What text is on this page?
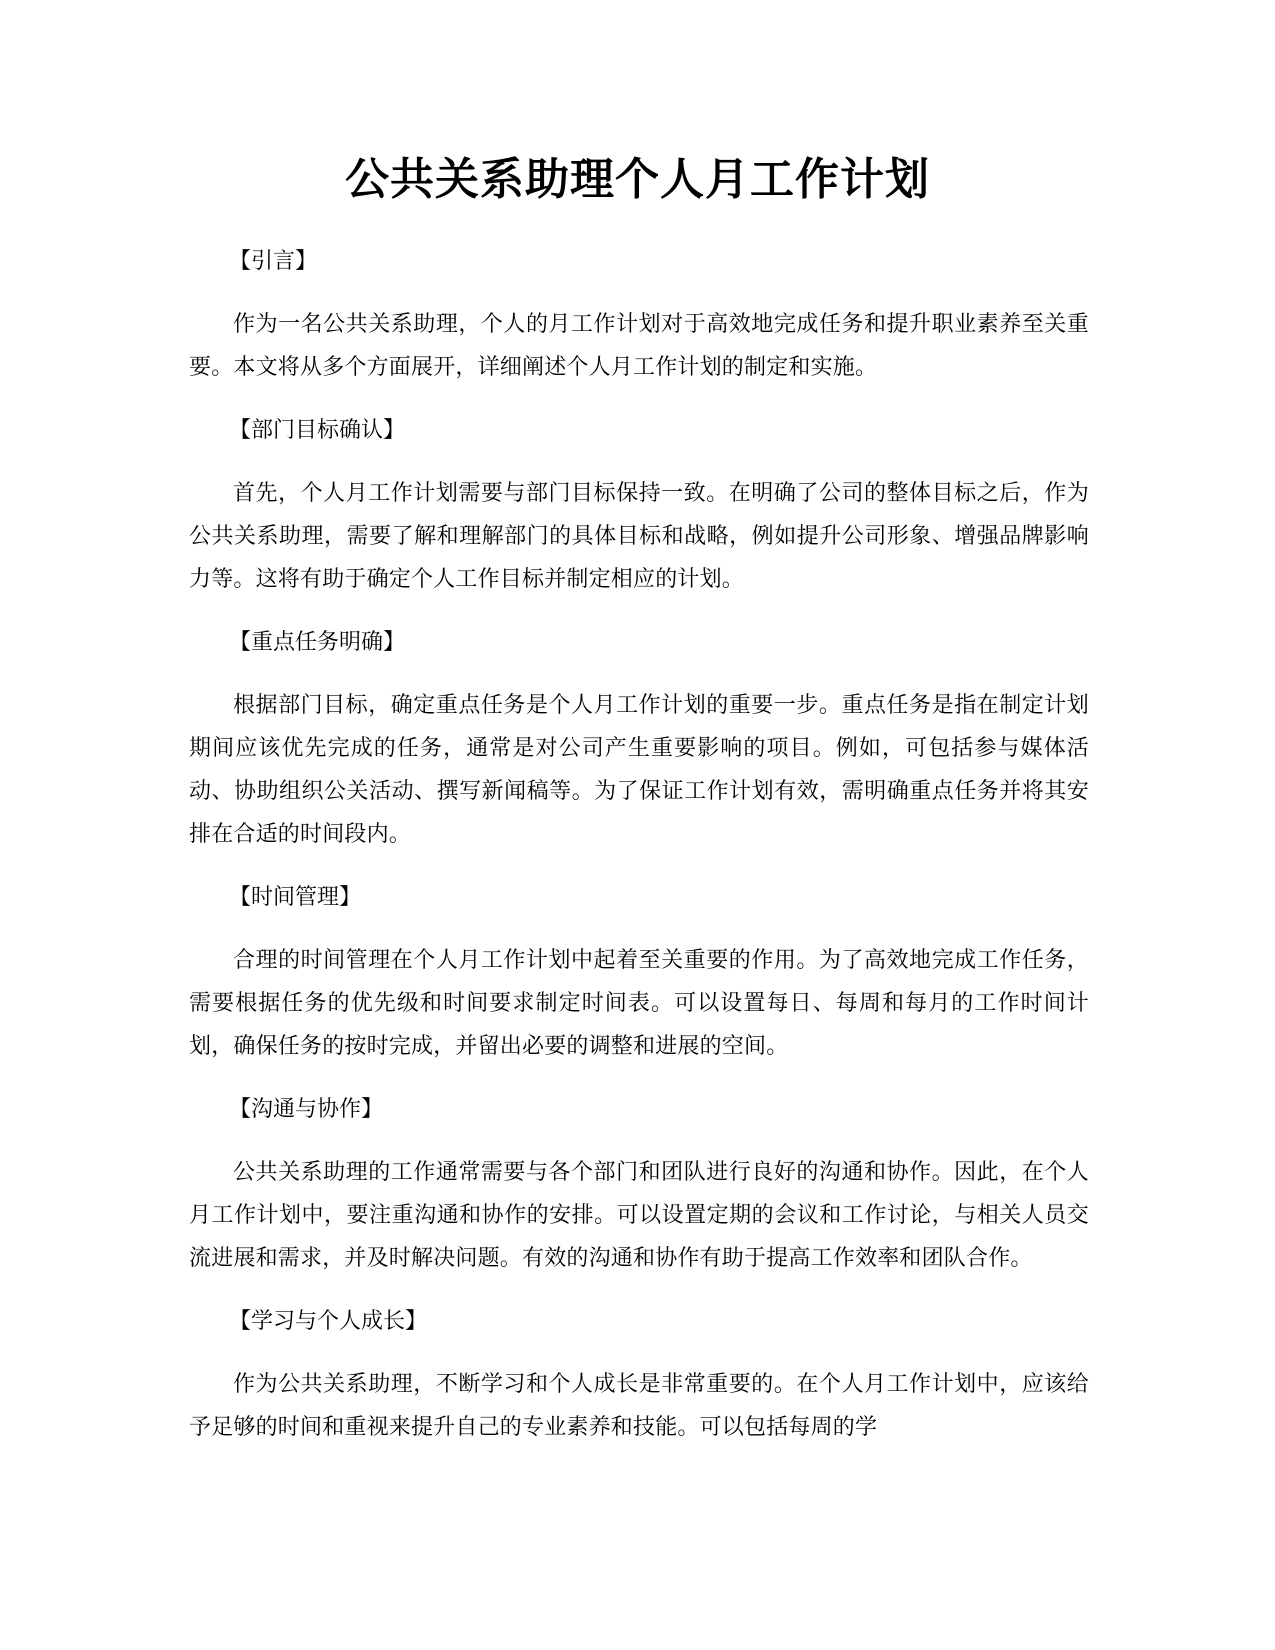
公共关系助理个人月工作计划

【引言】

作为一名公共关系助理，个人的月工作计划对于高效地完成任务和提升职业素养至关重要。本文将从多个方面展开，详细阐述个人月工作计划的制定和实施。

【部门目标确认】

首先，个人月工作计划需要与部门目标保持一致。在明确了公司的整体目标之后，作为公共关系助理，需要了解和理解部门的具体目标和战略，例如提升公司形象、增强品牌影响力等。这将有助于确定个人工作目标并制定相应的计划。

【重点任务明确】

根据部门目标，确定重点任务是个人月工作计划的重要一步。重点任务是指在制定计划期间应该优先完成的任务，通常是对公司产生重要影响的项目。例如，可包括参与媒体活动、协助组织公关活动、撰写新闻稿等。为了保证工作计划有效，需明确重点任务并将其安排在合适的时间段内。

【时间管理】

合理的时间管理在个人月工作计划中起着至关重要的作用。为了高效地完成工作任务，需要根据任务的优先级和时间要求制定时间表。可以设置每日、每周和每月的工作时间计划，确保任务的按时完成，并留出必要的调整和进展的空间。

【沟通与协作】

公共关系助理的工作通常需要与各个部门和团队进行良好的沟通和协作。因此，在个人月工作计划中，要注重沟通和协作的安排。可以设置定期的会议和工作讨论，与相关人员交流进展和需求，并及时解决问题。有效的沟通和协作有助于提高工作效率和团队合作。

【学习与个人成长】

作为公共关系助理，不断学习和个人成长是非常重要的。在个人月工作计划中，应该给予足够的时间和重视来提升自己的专业素养和技能。可以包括每周的学
